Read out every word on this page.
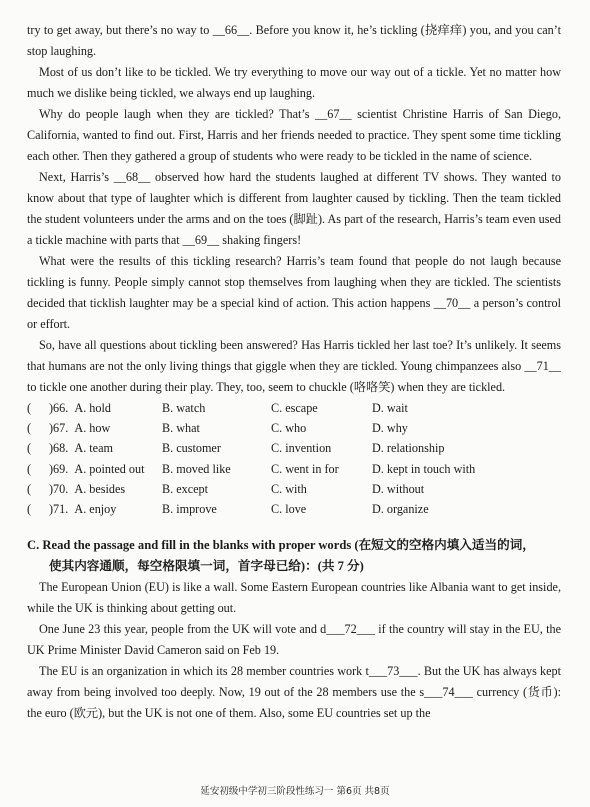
try to get away, but there’s no way to __66__. Before you know it, he’s tickling (挠痒痒) you, and you can’t stop laughing.

Most of us don’t like to be tickled. We try everything to move our way out of a tickle. Yet no matter how much we dislike being tickled, we always end up laughing.

Why do people laugh when they are tickled? That’s __67__ scientist Christine Harris of San Diego, California, wanted to find out. First, Harris and her friends needed to practice. They spent some time tickling each other. Then they gathered a group of students who were ready to be tickled in the name of science.

Next, Harris’s __68__ observed how hard the students laughed at different TV shows. They wanted to know about that type of laughter which is different from laughter caused by tickling. Then the team tickled the student volunteers under the arms and on the toes (脚趾). As part of the research, Harris’s team even used a tickle machine with parts that __69__ shaking fingers!

What were the results of this tickling research? Harris’s team found that people do not laugh because tickling is funny. People simply cannot stop themselves from laughing when they are tickled. The scientists decided that ticklish laughter may be a special kind of action. This action happens __70__ a person’s control or effort.

So, have all questions about tickling been answered? Has Harris tickled her last toe? It’s unlikely. It seems that humans are not the only living things that giggle when they are tickled. Young chimpanzees also __71__ to tickle one another during their play. They, too, seem to chuckle (咯咯笑) when they are tickled.

(	)66. A. hold	B. watch	C. escape	D. wait
(	)67. A. how	B. what	C. who	D. why
(	)68. A. team	B. customer	C. invention	D. relationship
(	)69. A. pointed out	B. moved like	C. went in for	D. kept in touch with
(	)70. A. besides	B. except	C. with	D. without
(	)71. A. enjoy	B. improve	C. love	D. organize
C. Read the passage and fill in the blanks with proper words (在短文的空格内填入适当的词，
使其内容通顺，每空格限填一词，首字母已给)：(共 7 分)

The European Union (EU) is like a wall. Some Eastern European countries like Albania want to get inside, while the UK is thinking about getting out.

One June 23 this year, people from the UK will vote and d___72___ if the country will stay in the EU, the UK Prime Minister David Cameron said on Feb 19.

The EU is an organization in which its 28 member countries work t___73___. But the UK has always kept away from being involved too deeply. Now, 19 out of the 28 members use the s___74___ currency (货币): the euro (欧元), but the UK is not one of them. Also, some EU countries set up the

延安初级中学初三阶段性练习一 第6页 共8页
